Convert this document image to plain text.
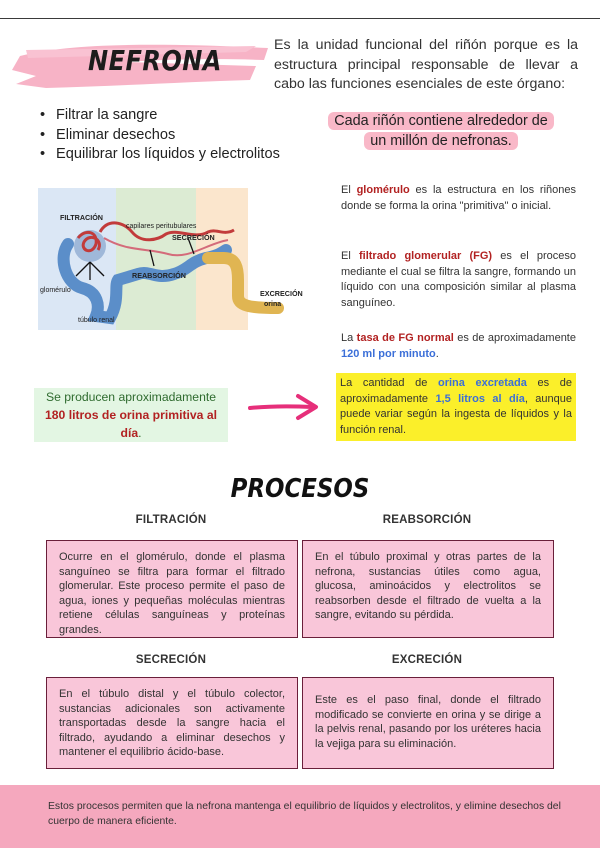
NEFRONA	Es la unidad funcional del riñón porque es la estructura principal responsable de llevar a cabo las funciones esenciales de este órgano:

• Filtrar la sangre
• Eliminar desechos
• Equilibrar los líquidos y electrolitos
Cada riñón contiene alrededor de un millón de nefronas.
FILTRACIÓN
capilares peritubulares
SECRECIÓN
REABSORCIÓN
glomérulo
túbulo renal
EXCRECIÓN
orina

El glomérulo es la estructura en los riñones donde se forma la orina "primitiva" o inicial.

El filtrado glomerular (FG) es el proceso mediante el cual se filtra la sangre, formando un líquido con una composición similar al plasma sanguíneo.

La tasa de FG normal es de aproximadamente 120 ml por minuto.

Se producen aproximadamente
180 litros de orina primitiva al día.
La cantidad de orina excretada es de aproximadamente 1,5 litros al día, aunque puede variar según la ingesta de líquidos y la función renal.
PROCESOS
FILTRACIÓN	REABSORCIÓN
Ocurre en el glomérulo, donde el plasma sanguíneo se filtra para formar el filtrado glomerular. Este proceso permite el paso de agua, iones y pequeñas moléculas mientras retiene células sanguíneas y proteínas grandes.
En el túbulo proximal y otras partes de la nefrona, sustancias útiles como agua, glucosa, aminoácidos y electrolitos se reabsorben desde el filtrado de vuelta a la sangre, evitando su pérdida.
SECRECIÓN	EXCRECIÓN
En el túbulo distal y el túbulo colector, sustancias adicionales son activamente transportadas desde la sangre hacia el filtrado, ayudando a eliminar desechos y mantener el equilibrio ácido-base.
Este es el paso final, donde el filtrado modificado se convierte en orina y se dirige a la pelvis renal, pasando por los uréteres hacia la vejiga para su eliminación.

Estos procesos permiten que la nefrona mantenga el equilibrio de líquidos y electrolitos, y elimine desechos del cuerpo de manera eficiente.
